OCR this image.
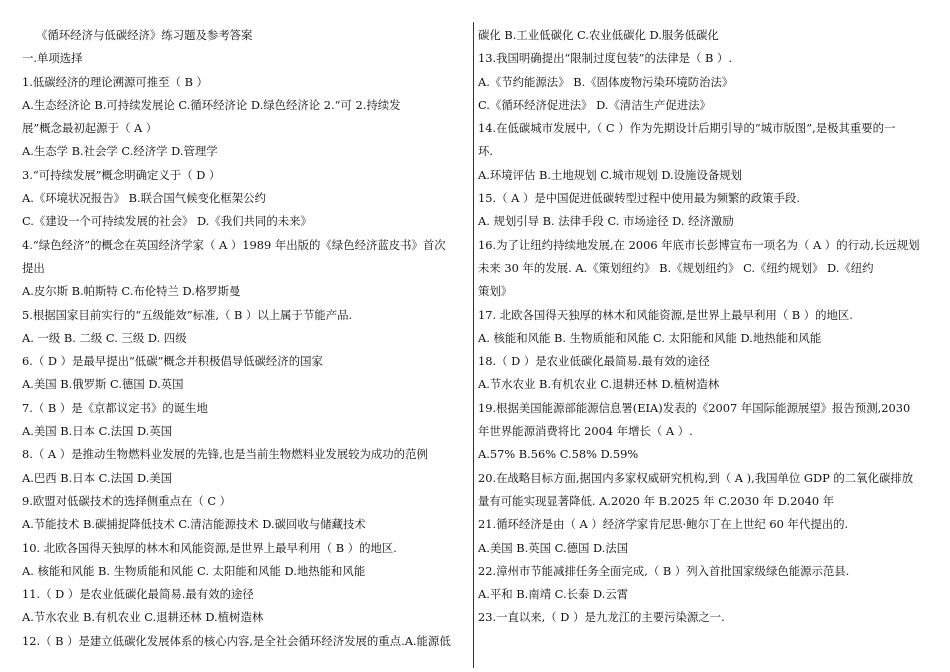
《循环经济与低碳经济》练习题及参考答案
一.单项选择
1.低碳经济的理论溯源可推至（ B ）
A.生态经济论 B.可持续发展论 C.循环经济论 D.绿色经济论 2.“可 2.持续发
展”概念最初起源于（ A ）
A.生态学 B.社会学 C.经济学 D.管理学
3.“可持续发展”概念明确定义于（ D ）
A.《环境状况报告》 B.联合国气候变化框架公约
C.《建设一个可持续发展的社会》 D.《我们共同的未来》
4.“绿色经济”的概念在英国经济学家（ A ）1989 年出版的《绿色经济蓝皮书》首次
提出
A.皮尔斯 B.帕斯特 C.布伦特兰 D.格罗斯曼
5.根据国家目前实行的“五级能效”标准,（ B ）以上属于节能产品.
A. 一级 B. 二级 C. 三级 D. 四级
6.（ D ）是最早提出“低碳”概念并积极倡导低碳经济的国家
A.美国 B.俄罗斯 C.德国 D.英国
7.（ B ）是《京都议定书》的诞生地
A.美国 B.日本 C.法国 D.英国
8.（ A ）是推动生物燃料业发展的先锋,也是当前生物燃料业发展较为成功的范例
A.巴西 B.日本 C.法国 D.美国
9.欧盟对低碳技术的选择侧重点在（ C ）
A.节能技术 B.碳捕捉降低技术 C.清洁能源技术 D.碳回收与储藏技术
10. 北欧各国得天独厚的林木和风能资源,是世界上最早利用（ B ）的地区.
A. 核能和风能 B. 生物质能和风能 C. 太阳能和风能 D.地热能和风能
11.（ D ）是农业低碳化最简易.最有效的途径
A.节水农业 B.有机农业 C.退耕还林 D.植树造林
12.（ B ）是建立低碳化发展体系的核心内容,是全社会循环经济发展的重点.A.能源低
碳化 B.工业低碳化 C.农业低碳化 D.服务低碳化
13.我国明确提出“限制过度包装”的法律是（ B ）.
A.《节约能源法》 B.《固体废物污染环境防治法》
C.《循环经济促进法》 D.《清洁生产促进法》
14.在低碳城市发展中,（ C ）作为先期设计后期引导的“城市版图”,是极其重要的一
环.
A.环境评估 B.土地规划 C.城市规划 D.设施设备规划
15.（ A ）是中国促进低碳转型过程中使用最为频繁的政策手段.
A. 规划引导 B. 法律手段 C. 市场途径 D. 经济激励
16.为了让纽约持续地发展,在 2006 年底市长彭博宣布一项名为（ A ）的行动,长远规划
未来 30 年的发展. A.《策划纽约》 B.《规划纽约》 C.《纽约规划》 D.《纽约
策划》
17. 北欧各国得天独厚的林木和风能资源,是世界上最早利用（ B ）的地区.
A. 核能和风能 B. 生物质能和风能 C. 太阳能和风能 D.地热能和风能
18.（ D ）是农业低碳化最简易.最有效的途径
A.节水农业 B.有机农业 C.退耕还林 D.植树造林
19.根据美国能源部能源信息署(EIA)发表的《2007 年国际能源展望》报告预测,2030
年世界能源消费将比 2004 年增长（ A ）.
A.57% B.56% C.58% D.59%
20.在战略目标方面,据国内多家权威研究机构,到（ A ),我国单位 GDP 的二氧化碳排放
量有可能实现显著降低. A.2020 年 B.2025 年 C.2030 年 D.2040 年
21.循环经济是由（ A ）经济学家肯尼思·鲍尔丁在上世纪 60 年代提出的.
A.美国 B.英国 C.德国 D.法国
22.漳州市节能减排任务全面完成,（ B ）列入首批国家级绿色能源示范县.
A.平和 B.南靖 C.长泰 D.云霄
23.一直以来,（ D ）是九龙江的主要污染源之一.
